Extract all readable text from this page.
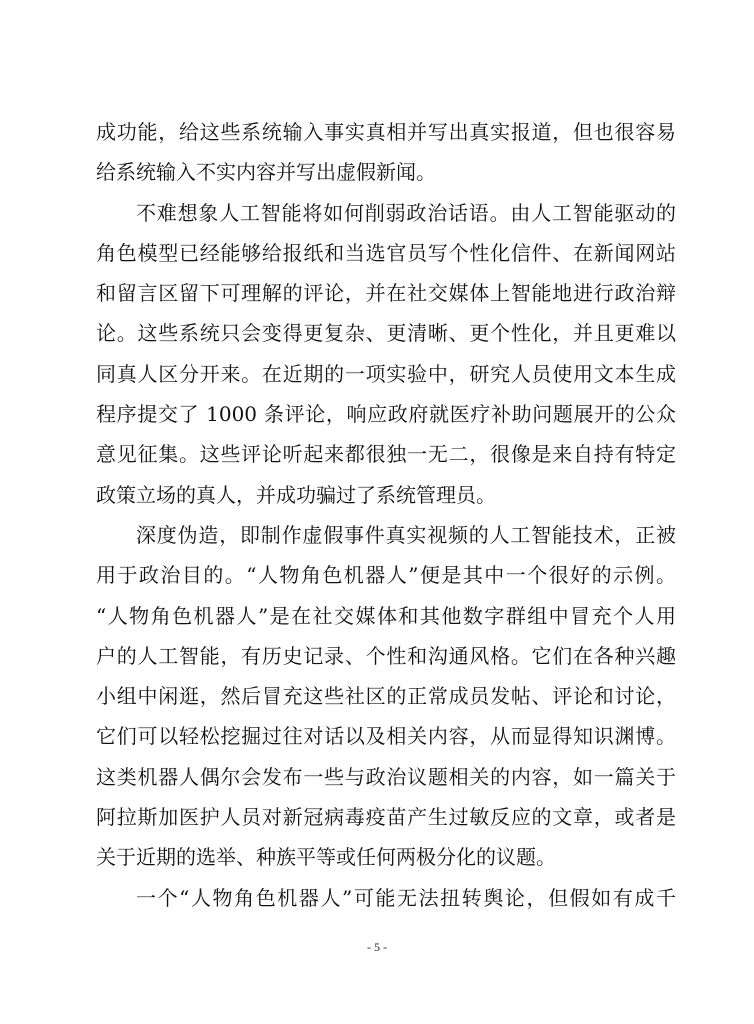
成功能，给这些系统输入事实真相并写出真实报道，但也很容易
给系统输入不实内容并写出虚假新闻。
不难想象人工智能将如何削弱政治话语。由人工智能驱动的
角色模型已经能够给报纸和当选官员写个性化信件、在新闻网站
和留言区留下可理解的评论，并在社交媒体上智能地进行政治辩
论。这些系统只会变得更复杂、更清晰、更个性化，并且更难以
同真人区分开来。在近期的一项实验中，研究人员使用文本生成
程序提交了 1000 条评论，响应政府就医疗补助问题展开的公众
意见征集。这些评论听起来都很独一无二，很像是来自持有特定
政策立场的真人，并成功骗过了系统管理员。
深度伪造，即制作虚假事件真实视频的人工智能技术，正被
用于政治目的。“人物角色机器人”便是其中一个很好的示例。
“人物角色机器人”是在社交媒体和其他数字群组中冒充个人用
户的人工智能，有历史记录、个性和沟通风格。它们在各种兴趣
小组中闲逛，然后冒充这些社区的正常成员发帖、评论和讨论，
它们可以轻松挖掘过往对话以及相关内容，从而显得知识渊博。
这类机器人偶尔会发布一些与政治议题相关的内容，如一篇关于
阿拉斯加医护人员对新冠病毒疫苗产生过敏反应的文章，或者是
关于近期的选举、种族平等或任何两极分化的议题。
一个“人物角色机器人”可能无法扭转舆论，但假如有成千
- 5 -
